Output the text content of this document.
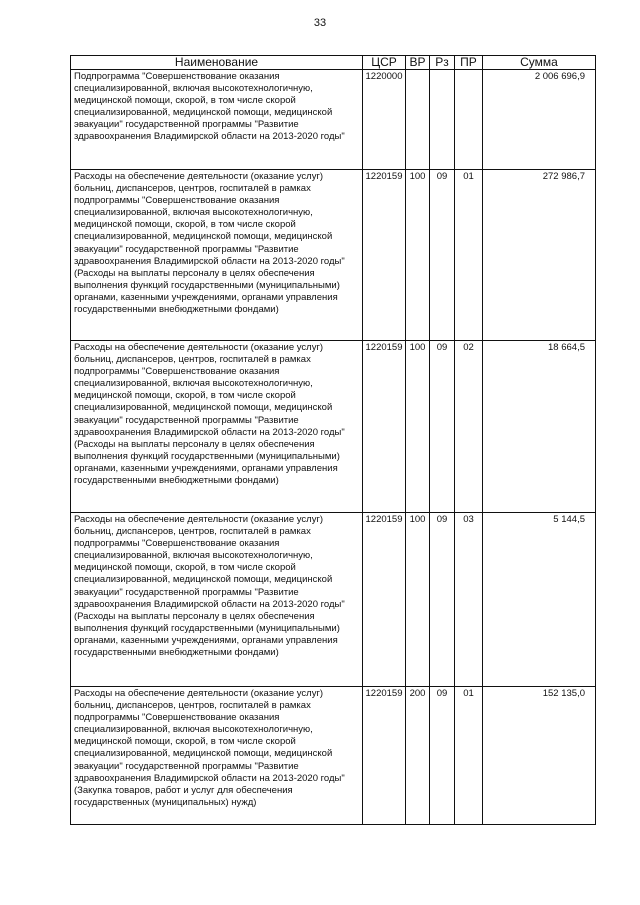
33
Наименование	ЦСР	ВР	Рз	ПР	Сумма
Подпрограмма "Совершенствование оказания специализированной, включая высокотехнологичную, медицинской помощи, скорой, в том числе скорой специализированной, медицинской помощи, медицинской эвакуации" государственной программы "Развитие здравоохранения Владимирской области на 2013-2020 годы"	1220000				2 006 696,9
Расходы на обеспечение деятельности (оказание услуг) больниц, диспансеров, центров, госпиталей в рамках подпрограммы "Совершенствование оказания специализированной, включая высокотехнологичную, медицинской помощи, скорой, в том числе скорой специализированной, медицинской помощи, медицинской эвакуации" государственной программы "Развитие здравоохранения Владимирской области на 2013-2020 годы" (Расходы на выплаты персоналу в целях обеспечения выполнения функций государственными (муниципальными) органами, казенными учреждениями, органами управления государственными внебюджетными фондами)	1220159	100	09	01	272 986,7
Расходы на обеспечение деятельности (оказание услуг) больниц, диспансеров, центров, госпиталей в рамках подпрограммы "Совершенствование оказания специализированной, включая высокотехнологичную, медицинской помощи, скорой, в том числе скорой специализированной, медицинской помощи, медицинской эвакуации" государственной программы "Развитие здравоохранения Владимирской области на 2013-2020 годы" (Расходы на выплаты персоналу в целях обеспечения выполнения функций государственными (муниципальными) органами, казенными учреждениями, органами управления государственными внебюджетными фондами)	1220159	100	09	02	18 664,5
Расходы на обеспечение деятельности (оказание услуг) больниц, диспансеров, центров, госпиталей в рамках подпрограммы "Совершенствование оказания специализированной, включая высокотехнологичную, медицинской помощи, скорой, в том числе скорой специализированной, медицинской помощи, медицинской эвакуации" государственной программы "Развитие здравоохранения Владимирской области на 2013-2020 годы" (Расходы на выплаты персоналу в целях обеспечения выполнения функций государственными (муниципальными) органами, казенными учреждениями, органами управления государственными внебюджетными фондами)	1220159	100	09	03	5 144,5
Расходы на обеспечение деятельности (оказание услуг) больниц, диспансеров, центров, госпиталей в рамках подпрограммы "Совершенствование оказания специализированной, включая высокотехнологичную, медицинской помощи, скорой, в том числе скорой специализированной, медицинской помощи, медицинской эвакуации" государственной программы "Развитие здравоохранения Владимирской области на 2013-2020 годы" (Закупка товаров, работ и услуг для обеспечения государственных (муниципальных) нужд)	1220159	200	09	01	152 135,0
